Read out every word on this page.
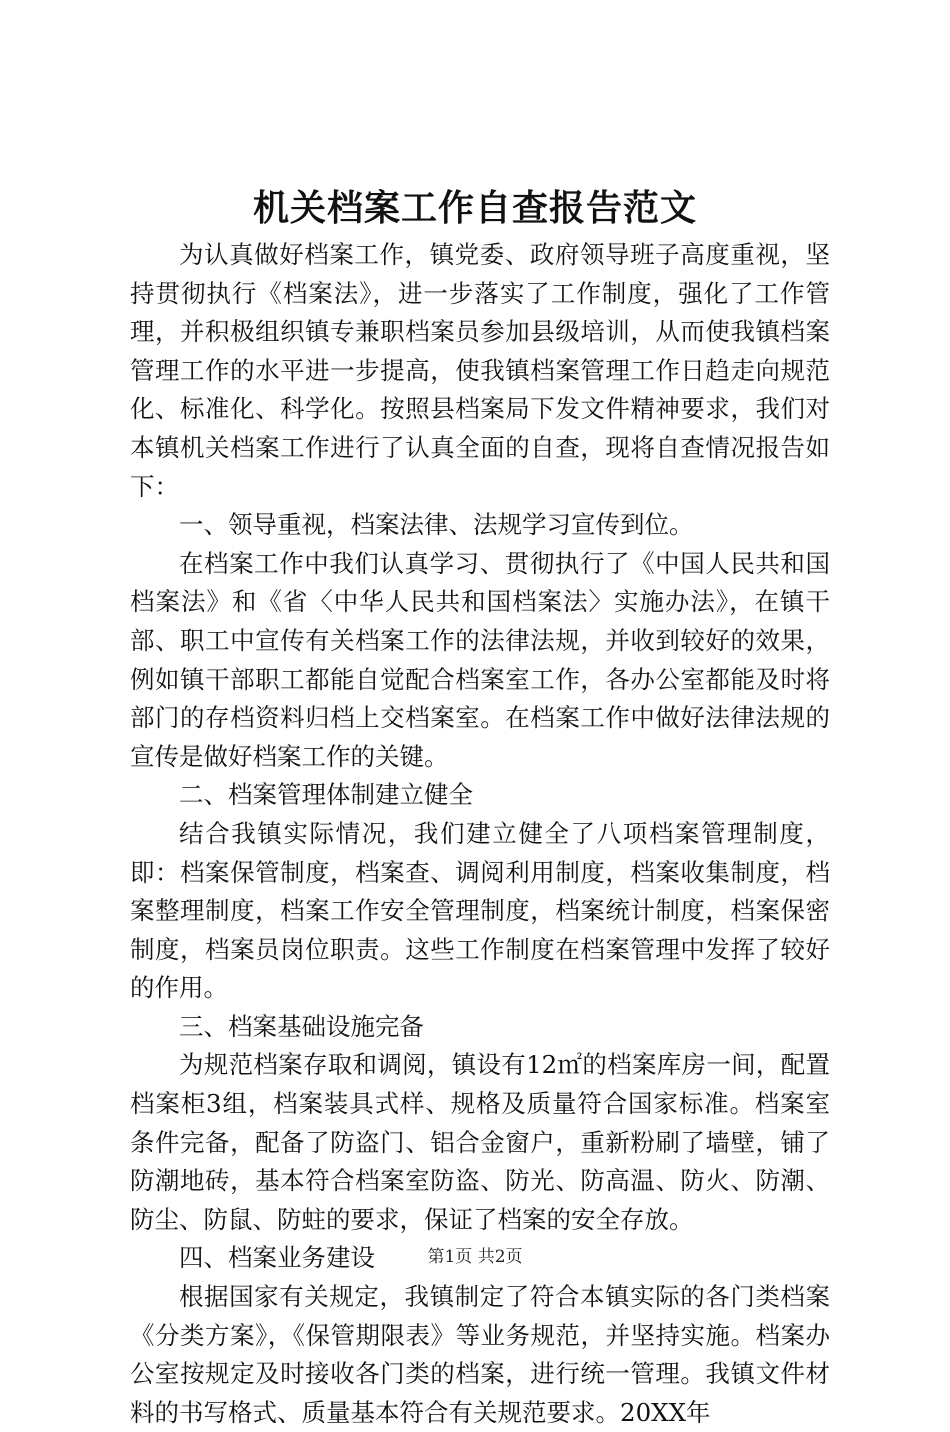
机关档案工作自查报告范文

为认真做好档案工作，镇党委、政府领导班子高度重视，坚持贯彻执行《档案法》，进一步落实了工作制度，强化了工作管理，并积极组织镇专兼职档案员参加县级培训，从而使我镇档案管理工作的水平进一步提高，使我镇档案管理工作日趋走向规范化、标准化、科学化。按照县档案局下发文件精神要求，我们对本镇机关档案工作进行了认真全面的自查，现将自查情况报告如下：

一、领导重视，档案法律、法规学习宣传到位。

在档案工作中我们认真学习、贯彻执行了《中国人民共和国档案法》和《省〈中华人民共和国档案法〉实施办法》，在镇干部、职工中宣传有关档案工作的法律法规，并收到较好的效果，例如镇干部职工都能自觉配合档案室工作，各办公室都能及时将部门的存档资料归档上交档案室。在档案工作中做好法律法规的宣传是做好档案工作的关键。

二、档案管理体制建立健全

结合我镇实际情况，我们建立健全了八项档案管理制度，即：档案保管制度，档案查、调阅利用制度，档案收集制度，档案整理制度，档案工作安全管理制度，档案统计制度，档案保密制度，档案员岗位职责。这些工作制度在档案管理中发挥了较好的作用。

三、档案基础设施完备

为规范档案存取和调阅，镇设有12㎡的档案库房一间，配置档案柜3组，档案装具式样、规格及质量符合国家标准。档案室条件完备，配备了防盗门、铝合金窗户，重新粉刷了墙壁，铺了防潮地砖，基本符合档案室防盗、防光、防高温、防火、防潮、防尘、防鼠、防蛀的要求，保证了档案的安全存放。

四、档案业务建设

根据国家有关规定，我镇制定了符合本镇实际的各门类档案《分类方案》，《保管期限表》等业务规范，并坚持实施。档案办公室按规定及时接收各门类的档案，进行统一管理。我镇文件材料的书写格式、质量基本符合有关规范要求。20XX年

第1页 共2页
